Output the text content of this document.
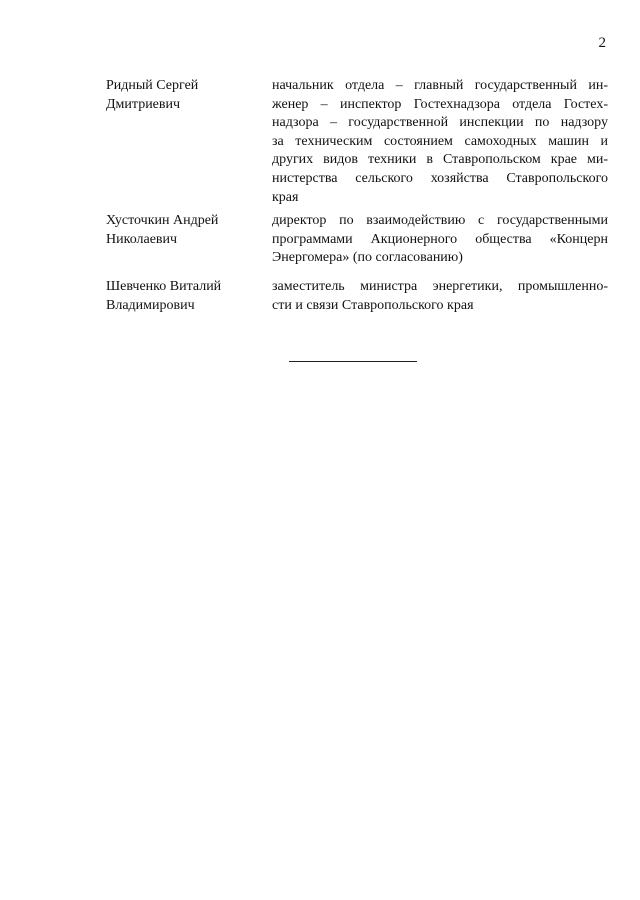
2
Ридный Сергей
Дмитриевич
начальник отдела – главный государственный ин-
женер – инспектор Гостехнадзора отдела Гостех-
надзора – государственной инспекции по надзору
за техническим состоянием самоходных машин и
других видов техники в Ставропольском крае ми-
нистерства сельского хозяйства Ставропольского
края
Хусточкин Андрей
Николаевич
директор по взаимодействию с государственными
программами Акционерного общества «Концерн
Энергомера» (по согласованию)
Шевченко Виталий
Владимирович
заместитель министра энергетики, промышленно-
сти и связи Ставропольского края
